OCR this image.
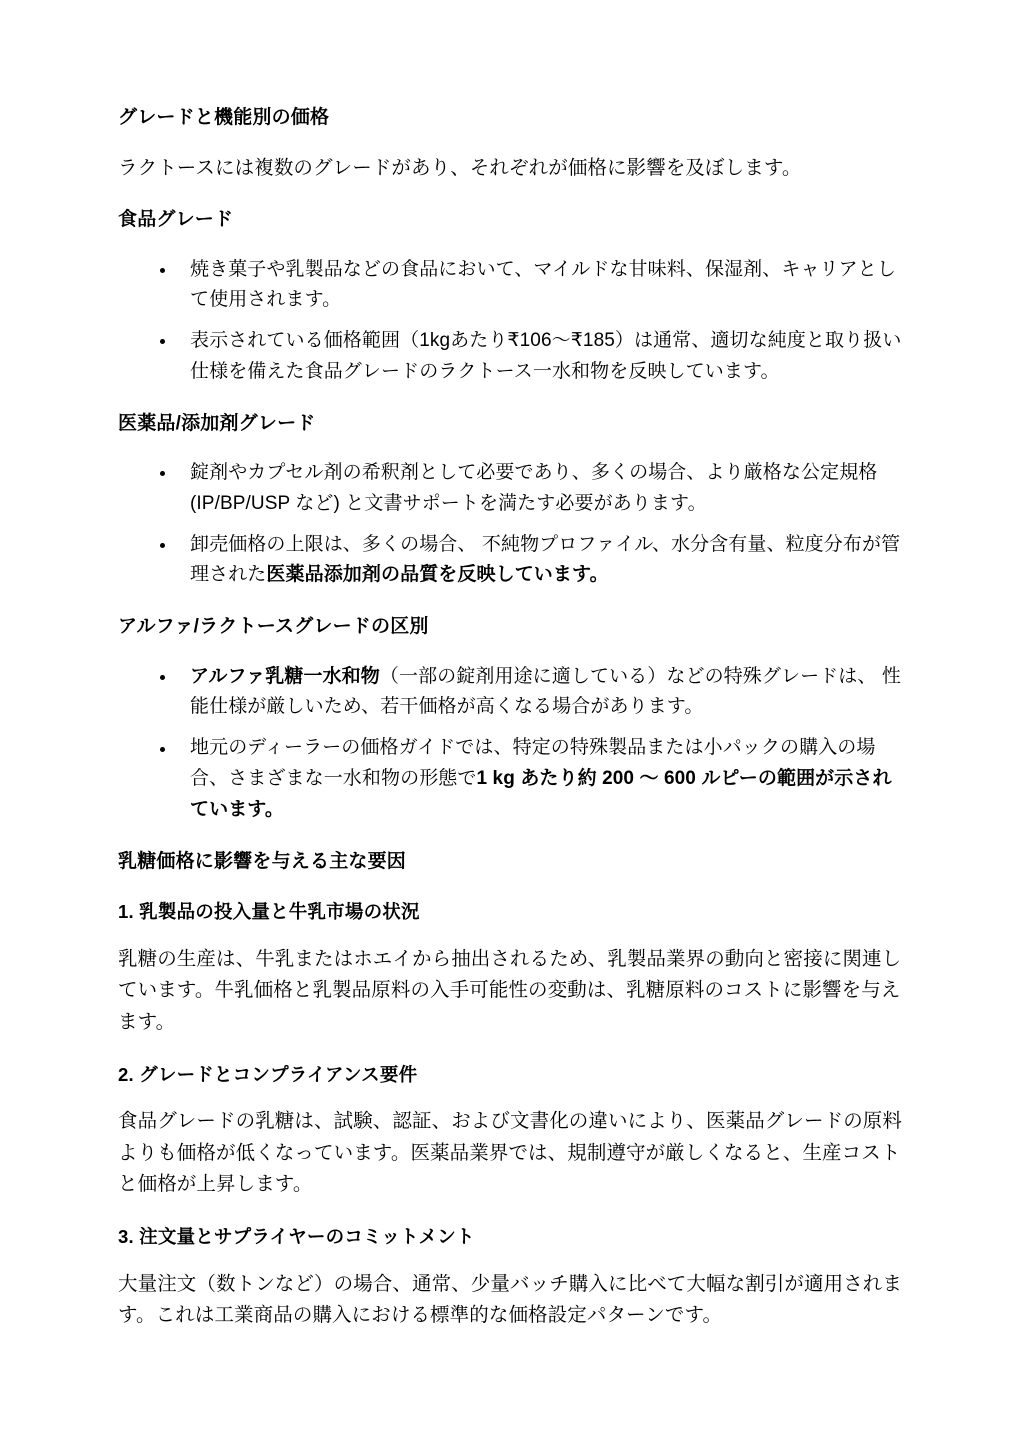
グレードと機能別の価格

ラクトースには複数のグレードがあり、それぞれが価格に影響を及ぼします。

食品グレード
焼き菓子や乳製品などの食品において、マイルドな甘味料、保湿剤、キャリアとして使用されます。
表示されている価格範囲（1kgあたり₹106〜₹185）は通常、適切な純度と取り扱い仕様を備えた食品グレードのラクトース一水和物を反映しています。
医薬品/添加剤グレード
錠剤やカプセル剤の希釈剤として必要であり、多くの場合、より厳格な公定規格 (IP/BP/USP など) と文書サポートを満たす必要があります。
卸売価格の上限は、多くの場合、 不純物プロファイル、水分含有量、粒度分布が管理された医薬品添加剤の品質を反映しています。
アルファ/ラクトースグレードの区別
アルファ乳糖一水和物（一部の錠剤用途に適している）などの特殊グレードは、 性能仕様が厳しいため、若干価格が高くなる場合があります。
地元のディーラーの価格ガイドでは、特定の特殊製品または小パックの購入の場合、さまざまな一水和物の形態で1 kg あたり約 200 〜 600 ルピーの範囲が示されています。
乳糖価格に影響を与える主な要因
1. 乳製品の投入量と牛乳市場の状況

乳糖の生産は、牛乳またはホエイから抽出されるため、乳製品業界の動向と密接に関連しています。牛乳価格と乳製品原料の入手可能性の変動は、乳糖原料のコストに影響を与えます。

2. グレードとコンプライアンス要件

食品グレードの乳糖は、試験、認証、および文書化の違いにより、医薬品グレードの原料よりも価格が低くなっています。医薬品業界では、規制遵守が厳しくなると、生産コストと価格が上昇します。

3. 注文量とサプライヤーのコミットメント

大量注文（数トンなど）の場合、通常、少量バッチ購入に比べて大幅な割引が適用されます。これは工業商品の購入における標準的な価格設定パターンです。
